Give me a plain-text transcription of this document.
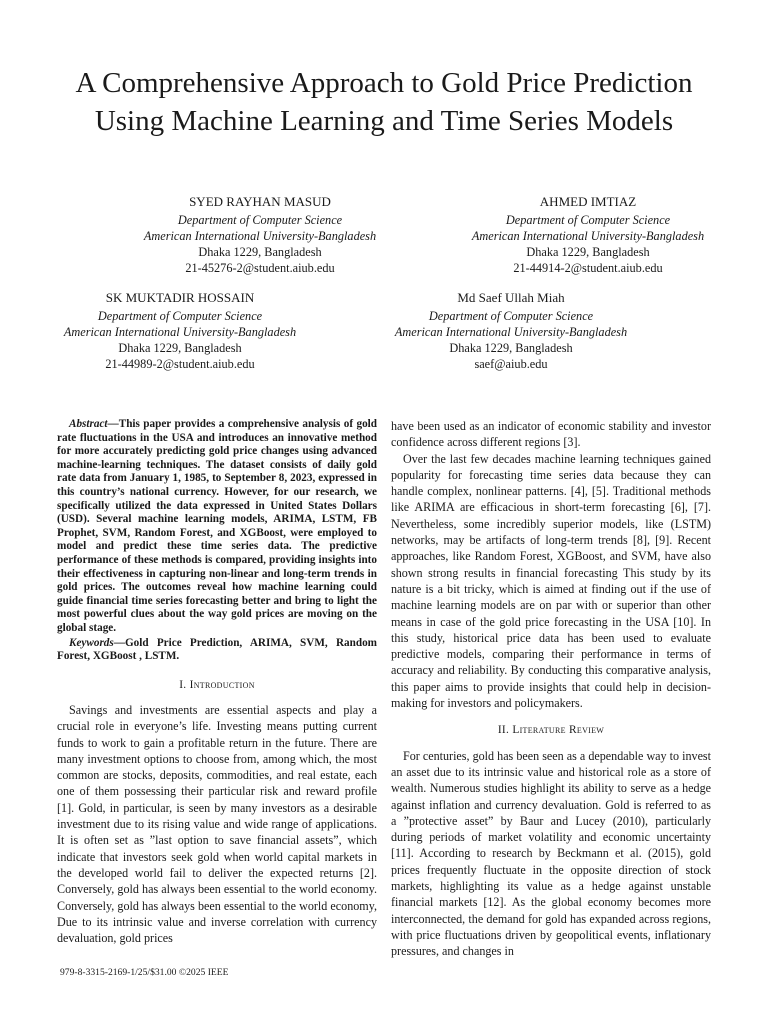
A Comprehensive Approach to Gold Price Prediction Using Machine Learning and Time Series Models
SYED RAYHAN MASUD
Department of Computer Science
American International University-Bangladesh
Dhaka 1229, Bangladesh
21-45276-2@student.aiub.edu
AHMED IMTIAZ
Department of Computer Science
American International University-Bangladesh
Dhaka 1229, Bangladesh
21-44914-2@student.aiub.edu
SK MUKTADIR HOSSAIN
Department of Computer Science
American International University-Bangladesh
Dhaka 1229, Bangladesh
21-44989-2@student.aiub.edu
Md Saef Ullah Miah
Department of Computer Science
American International University-Bangladesh
Dhaka 1229, Bangladesh
saef@aiub.edu

Abstract—This paper provides a comprehensive analysis of gold rate fluctuations in the USA and introduces an innovative method for more accurately predicting gold price changes using advanced machine-learning techniques. The dataset consists of daily gold rate data from January 1, 1985, to September 8, 2023, expressed in this country’s national currency. However, for our research, we specifically utilized the data expressed in United States Dollars (USD). Several machine learning models, ARIMA, LSTM, FB Prophet, SVM, Random Forest, and XGBoost, were employed to model and predict these time series data. The predictive performance of these methods is compared, providing insights into their effectiveness in capturing non-linear and long-term trends in gold prices. The outcomes reveal how machine learning could guide financial time series forecasting better and bring to light the most powerful clues about the way gold prices are moving on the global stage.

Keywords—Gold Price Prediction, ARIMA, SVM, Random Forest, XGBoost , LSTM.

I. Introduction

Savings and investments are essential aspects and play a crucial role in everyone’s life. Investing means putting current funds to work to gain a profitable return in the future. There are many investment options to choose from, among which, the most common are stocks, deposits, commodities, and real estate, each one of them possessing their particular risk and reward profile [1]. Gold, in particular, is seen by many investors as a desirable investment due to its rising value and wide range of applications. It is often set as ”last option to save financial assets”, which indicate that investors seek gold when world capital markets in the developed world fail to deliver the expected returns [2]. Conversely, gold has always been essential to the world economy. Conversely, gold has always been essential to the world economy, Due to its intrinsic value and inverse correlation with currency devaluation, gold prices

have been used as an indicator of economic stability and investor confidence across different regions [3].

Over the last few decades machine learning techniques gained popularity for forecasting time series data because they can handle complex, nonlinear patterns. [4], [5]. Traditional methods like ARIMA are efficacious in short-term forecasting [6], [7]. Nevertheless, some incredibly superior models, like (LSTM) networks, may be artifacts of long-term trends [8], [9]. Recent approaches, like Random Forest, XGBoost, and SVM, have also shown strong results in financial forecasting This study by its nature is a bit tricky, which is aimed at finding out if the use of machine learning models are on par with or superior than other means in case of the gold price forecasting in the USA [10]. In this study, historical price data has been used to evaluate predictive models, comparing their performance in terms of accuracy and reliability. By conducting this comparative analysis, this paper aims to provide insights that could help in decision-making for investors and policymakers.

II. Literature Review

For centuries, gold has been seen as a dependable way to invest an asset due to its intrinsic value and historical role as a store of wealth. Numerous studies highlight its ability to serve as a hedge against inflation and currency devaluation. Gold is referred to as a ”protective asset” by Baur and Lucey (2010), particularly during periods of market volatility and economic uncertainty [11]. According to research by Beckmann et al. (2015), gold prices frequently fluctuate in the opposite direction of stock markets, highlighting its value as a hedge against unstable financial markets [12]. As the global economy becomes more interconnected, the demand for gold has expanded across regions, with price fluctuations driven by geopolitical events, inflationary pressures, and changes in

979-8-3315-2169-1/25/$31.00 ©2025 IEEE
